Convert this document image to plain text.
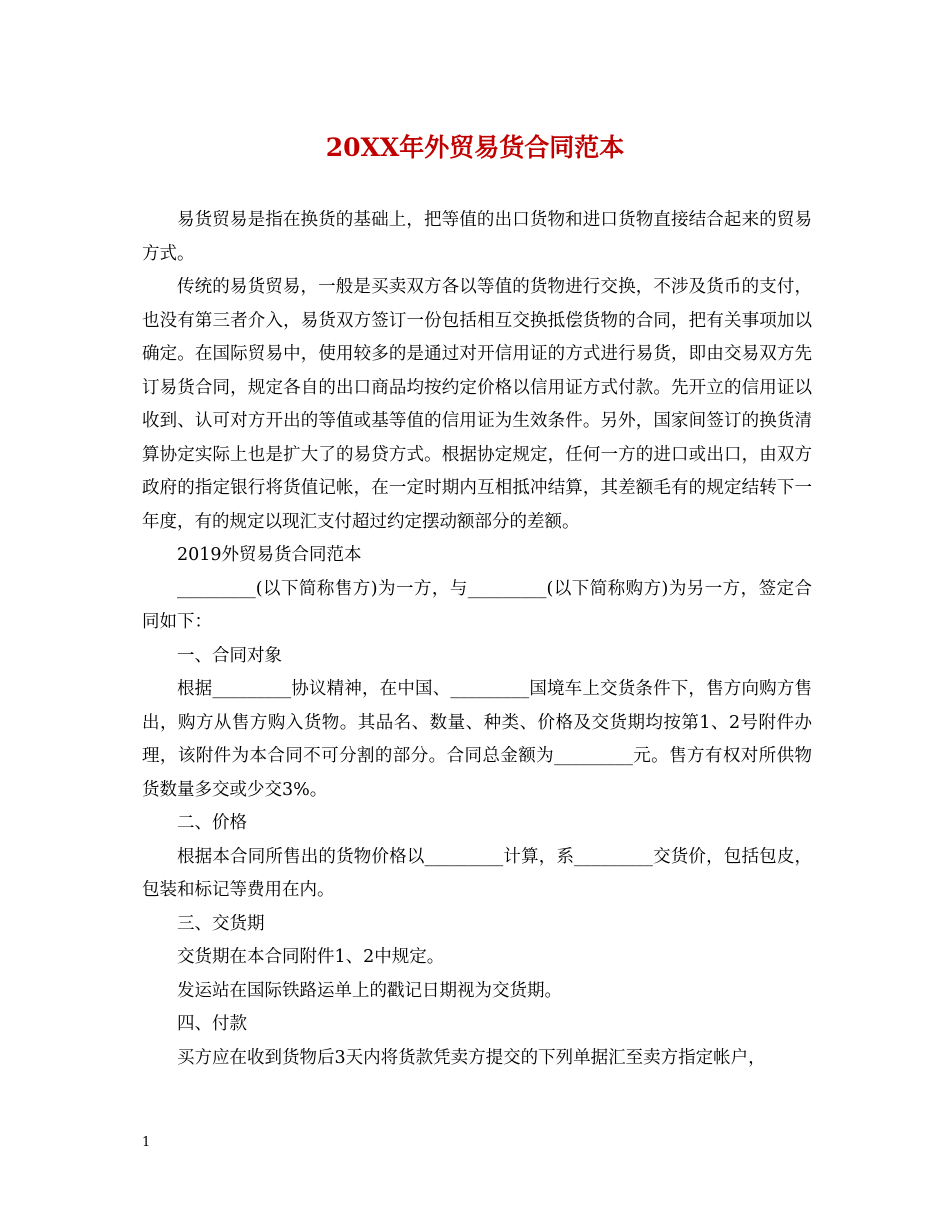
20XX年外贸易货合同范本

易货贸易是指在换货的基础上，把等值的出口货物和进口货物直接结合起来的贸易方式。

传统的易货贸易，一般是买卖双方各以等值的货物进行交换，不涉及货币的支付，也没有第三者介入，易货双方签订一份包括相互交换抵偿货物的合同，把有关事项加以确定。在国际贸易中，使用较多的是通过对开信用证的方式进行易货，即由交易双方先订易货合同，规定各自的出口商品均按约定价格以信用证方式付款。先开立的信用证以收到、认可对方开出的等值或基等值的信用证为生效条件。另外，国家间签订的换货清算协定实际上也是扩大了的易贷方式。根据协定规定，任何一方的进口或出口，由双方政府的指定银行将货值记帐，在一定时期内互相抵冲结算，其差额毛有的规定结转下一年度，有的规定以现汇支付超过约定摆动额部分的差额。

2019外贸易货合同范本

_________(以下简称售方)为一方，与_________(以下简称购方)为另一方，签定合同如下：

一、合同对象

根据_________协议精神，在中国、_________国境车上交货条件下，售方向购方售出，购方从售方购入货物。其品名、数量、种类、价格及交货期均按第1、2号附件办理，该附件为本合同不可分割的部分。合同总金额为_________元。售方有权对所供物货数量多交或少交3%。

二、价格

根据本合同所售出的货物价格以_________计算，系_________交货价，包括包皮，包装和标记等费用在内。

三、交货期

交货期在本合同附件1、2中规定。

发运站在国际铁路运单上的戳记日期视为交货期。

四、付款

买方应在收到货物后3天内将货款凭卖方提交的下列单据汇至卖方指定帐户，

1
